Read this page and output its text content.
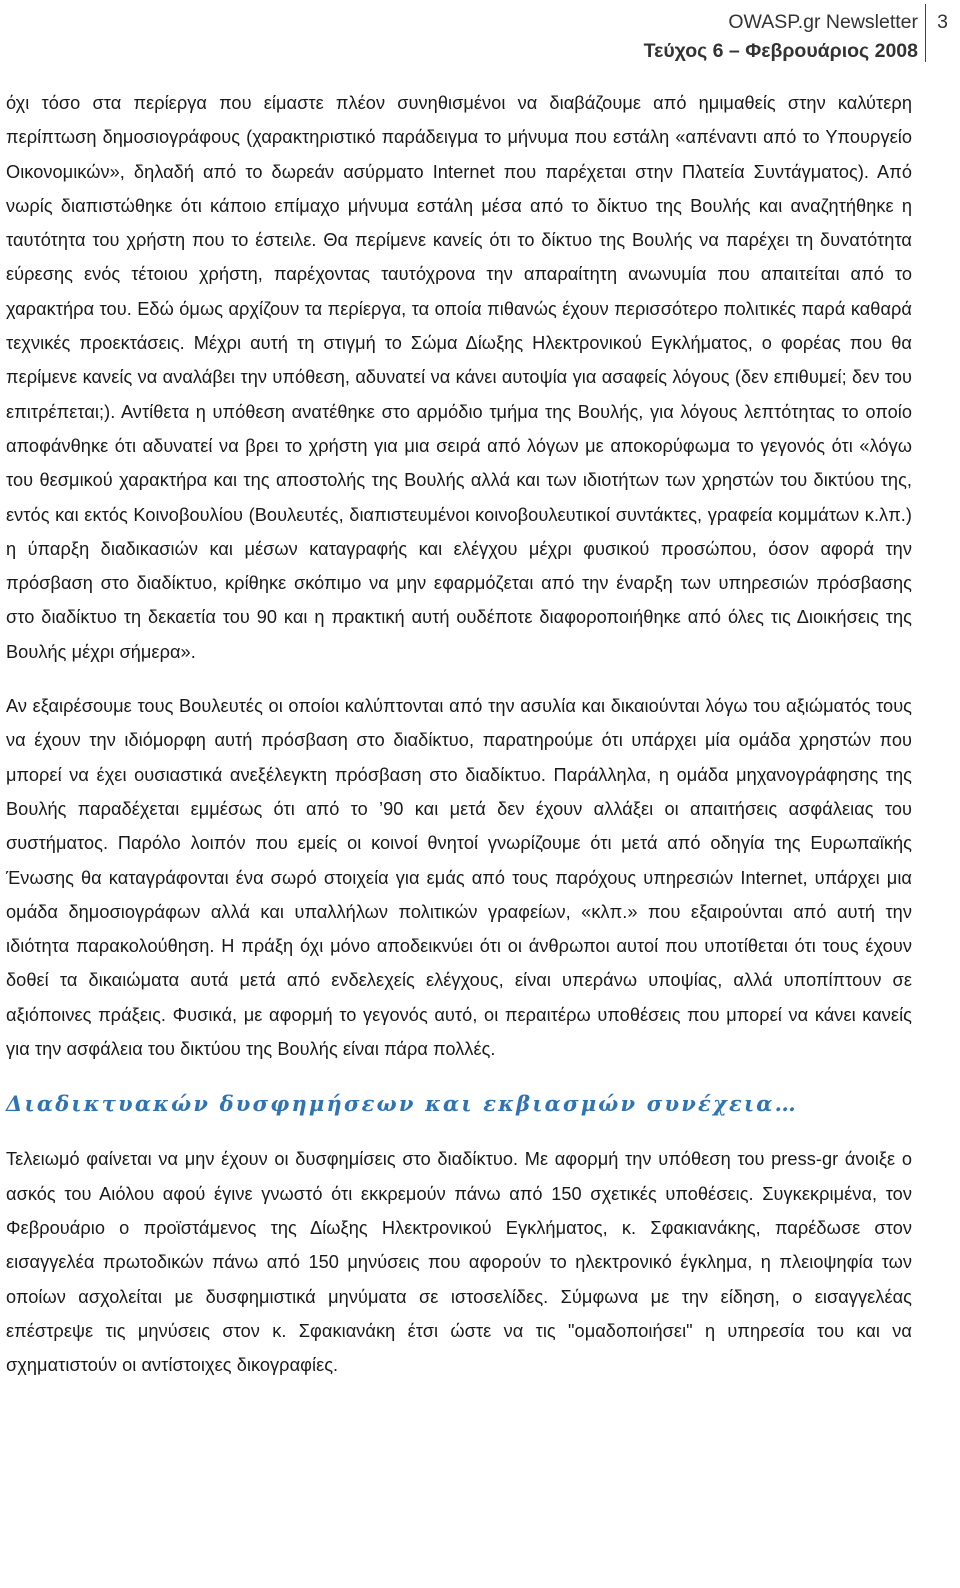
OWASP.gr Newsletter
Τεύχος 6 – Φεβρουάριος 2008
3

όχι τόσο στα περίεργα που είμαστε πλέον συνηθισμένοι να διαβάζουμε από ημιμαθείς στην καλύτερη περίπτωση δημοσιογράφους (χαρακτηριστικό παράδειγμα το μήνυμα που εστάλη «απέναντι από το Υπουργείο Οικονομικών», δηλαδή από το δωρεάν ασύρματο Internet που παρέχεται στην Πλατεία Συντάγματος). Από νωρίς διαπιστώθηκε ότι κάποιο επίμαχο μήνυμα εστάλη μέσα από το δίκτυο της Βουλής και αναζητήθηκε η ταυτότητα του χρήστη που το έστειλε. Θα περίμενε κανείς ότι το δίκτυο της Βουλής να παρέχει τη δυνατότητα εύρεσης ενός τέτοιου χρήστη, παρέχοντας ταυτόχρονα την απαραίτητη ανωνυμία που απαιτείται από το χαρακτήρα του. Εδώ όμως αρχίζουν τα περίεργα, τα οποία πιθανώς έχουν περισσότερο πολιτικές παρά καθαρά τεχνικές προεκτάσεις. Μέχρι αυτή τη στιγμή το Σώμα Δίωξης Ηλεκτρονικού Εγκλήματος, ο φορέας που θα περίμενε κανείς να αναλάβει την υπόθεση, αδυνατεί να κάνει αυτοψία για ασαφείς λόγους (δεν επιθυμεί; δεν του επιτρέπεται;). Αντίθετα η υπόθεση ανατέθηκε στο αρμόδιο τμήμα της Βουλής, για λόγους λεπτότητας το οποίο αποφάνθηκε ότι αδυνατεί να βρει το χρήστη για μια σειρά από λόγων με αποκορύφωμα το γεγονός ότι «λόγω του θεσμικού χαρακτήρα και της αποστολής της Βουλής αλλά και των ιδιοτήτων των χρηστών του δικτύου της, εντός και εκτός Κοινοβουλίου (Βουλευτές, διαπιστευμένοι κοινοβουλευτικοί συντάκτες, γραφεία κομμάτων κ.λπ.) η ύπαρξη διαδικασιών και μέσων καταγραφής και ελέγχου μέχρι φυσικού προσώπου, όσον αφορά την πρόσβαση στο διαδίκτυο, κρίθηκε σκόπιμο να μην εφαρμόζεται από την έναρξη των υπηρεσιών πρόσβασης στο διαδίκτυο τη δεκαετία του 90 και η πρακτική αυτή ουδέποτε διαφοροποιήθηκε από όλες τις Διοικήσεις της Βουλής μέχρι σήμερα».

Αν εξαιρέσουμε τους Βουλευτές οι οποίοι καλύπτονται από την ασυλία και δικαιούνται λόγω του αξιώματός τους να έχουν την ιδιόμορφη αυτή πρόσβαση στο διαδίκτυο, παρατηρούμε ότι υπάρχει μία ομάδα χρηστών που μπορεί να έχει ουσιαστικά ανεξέλεγκτη πρόσβαση στο διαδίκτυο. Παράλληλα, η ομάδα μηχανογράφησης της Βουλής παραδέχεται εμμέσως ότι από το ’90 και μετά δεν έχουν αλλάξει οι απαιτήσεις ασφάλειας του συστήματος. Παρόλο λοιπόν που εμείς οι κοινοί θνητοί γνωρίζουμε ότι μετά από οδηγία της Ευρωπαϊκής Ένωσης θα καταγράφονται ένα σωρό στοιχεία για εμάς από τους παρόχους υπηρεσιών Internet, υπάρχει μια ομάδα δημοσιογράφων αλλά και υπαλλήλων πολιτικών γραφείων, «κλπ.» που εξαιρούνται από αυτή την ιδιότητα παρακολούθηση. Η πράξη όχι μόνο αποδεικνύει ότι οι άνθρωποι αυτοί που υποτίθεται ότι τους έχουν δοθεί τα δικαιώματα αυτά μετά από ενδελεχείς ελέγχους, είναι υπεράνω υποψίας, αλλά υποπίπτουν σε αξιόποινες πράξεις. Φυσικά, με αφορμή το γεγονός αυτό, οι περαιτέρω υποθέσεις που μπορεί να κάνει κανείς για την ασφάλεια του δικτύου της Βουλής είναι πάρα πολλές.

Διαδικτυακών δυσφημήσεων και εκβιασμών συνέχεια…

Τελειωμό φαίνεται να μην έχουν οι δυσφημίσεις στο διαδίκτυο. Με αφορμή την υπόθεση του press-gr άνοιξε ο ασκός του Αιόλου αφού έγινε γνωστό ότι εκκρεμούν πάνω από 150 σχετικές υποθέσεις. Συγκεκριμένα, τον Φεβρουάριο ο προϊστάμενος της Δίωξης Ηλεκτρονικού Εγκλήματος, κ. Σφακιανάκης, παρέδωσε στον εισαγγελέα πρωτοδικών πάνω από 150 μηνύσεις που αφορούν το ηλεκτρονικό έγκλημα, η πλειοψηφία των οποίων ασχολείται με δυσφημιστικά μηνύματα σε ιστοσελίδες. Σύμφωνα με την είδηση, ο εισαγγελέας επέστρεψε τις μηνύσεις στον κ. Σφακιανάκη έτσι ώστε να τις "ομαδοποιήσει" η υπηρεσία του και να σχηματιστούν οι αντίστοιχες δικογραφίες.
